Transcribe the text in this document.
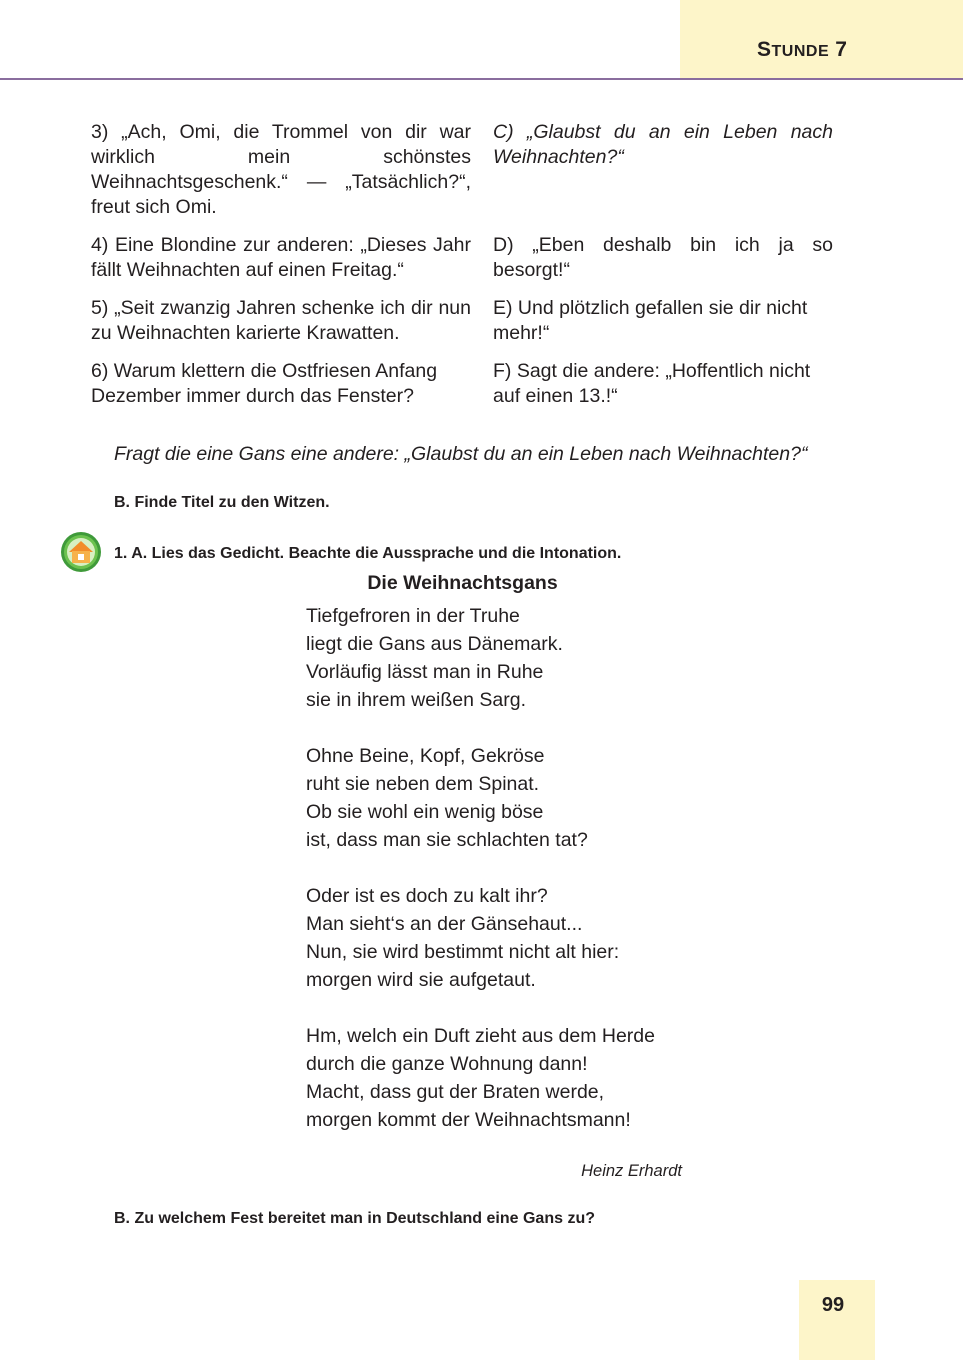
STUNDE 7

3) „Ach, Omi, die Trommel von dir war wirklich mein schönstes Weihnachtsgeschenk.“ — „Tatsächlich?“, freut sich Omi.

C) „Glaubst du an ein Leben nach Weihnachten?“

4) Eine Blondine zur anderen: „Dieses Jahr fällt Weihnachten auf einen Freitag.“

D) „Eben deshalb bin ich ja so besorgt!“

5) „Seit zwanzig Jahren schenke ich dir nun zu Weihnachten karierte Krawatten.

E) Und plötzlich gefallen sie dir nicht mehr!“

6) Warum klettern die Ostfriesen Anfang Dezember immer durch das Fenster?

F) Sagt die andere: „Hoffentlich nicht auf einen 13.!“

Fragt die eine Gans eine andere: „Glaubst du an ein Leben nach Weihnachten?“
B. Finde Titel zu den Witzen.
1. A. Lies das Gedicht. Beachte die Aussprache und die Intonation.
Die Weihnachtsgans
Tiefgefroren in der Truhe
liegt die Gans aus Dänemark.
Vorläufig lässt man in Ruhe
sie in ihrem weißen Sarg.
Ohne Beine, Kopf, Gekröse
ruht sie neben dem Spinat.
Ob sie wohl ein wenig böse
ist, dass man sie schlachten tat?
Oder ist es doch zu kalt ihr?
Man sieht‘s an der Gänsehaut...
Nun, sie wird bestimmt nicht alt hier:
morgen wird sie aufgetaut.
Hm, welch ein Duft zieht aus dem Herde
durch die ganze Wohnung dann!
Macht, dass gut der Braten werde,
morgen kommt der Weihnachtsmann!
Heinz Erhardt
B. Zu welchem Fest bereitet man in Deutschland eine Gans zu?
99
